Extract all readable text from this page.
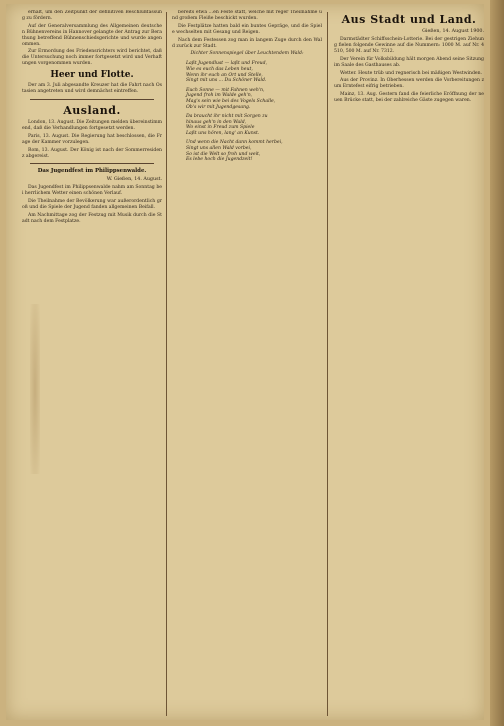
erhält, um den Zeitpunkt der definitiven Beschlußfassung zu fördern.

Auf der Generalversammlung des Allgemeinen deutschen Bühnenvereins in Hannover gelangte der Antrag zur Berathung betreffend Bühnenschiedsgerichte und wurde angenommen.

Zur Ermordung des Friedensrichters wird berichtet, daß die Untersuchung noch immer fortgesetzt wird und Verhaftungen vorgenommen wurden.

Heer und Flotte.

Der am 3. Juli abgesandte Kreuzer hat die Fahrt nach Ostasien angetreten und wird demnächst eintreffen.

Ausland.

London, 13. August. Die Zeitungen melden übereinstimmend, daß die Verhandlungen fortgesetzt werden.

Paris, 13. August. Die Regierung hat beschlossen, die Frage der Kammer vorzulegen.

Rom, 13. August. Der König ist nach der Sommerresidenz abgereist.

Das Jugendfest im Philippsenwalde.
W. Gießen, 14. August.

Das Jugendfest im Philippsenwalde nahm am Sonntag bei herrlichem Wetter einen schönen Verlauf.

Die Theilnahme der Bevölkerung war außerordentlich groß und die Spiele der Jugend fanden allgemeinen Beifall.

Am Nachmittage zog der Festzug mit Musik durch die Stadt nach dem Festplatze.

bereits etwa ...en Feste statt, welche mit reger Theilnahme und großem Fleiße beschickt wurden.

Die Festplätze hatten bald ein buntes Gepräge, und die Spiele wechselten mit Gesang und Reigen.

Nach dem Festessen zog man in langem Zuge durch den Wald zurück zur Stadt.

Dichter Sonnenspiegel über Leuchtendem Wald:

Laßt Jugendlust — laßt und Freud,
Wie es euch das Leben heut,
Wenn ihr euch an Ort und Stelle,
Singt mit uns ... Du Schöner Wald.
Euch Sonne — mit Fahnen weh'n,
Jugend froh im Walde geh'n,
Mag's sein wie bei des Vogels Schalle,
Ob's wir mit Jugendgesang.
Da braucht ihr nicht mit Sorgen zu
hinaus geh'n in den Wald,
Wo einst in Freud zum Spiele
Laßt uns hören, lang' an Kunst.
Und wenn die Nacht dann kommt herbei,
Singt uns allen Wald vorbei,
So ist die Welt so froh und weit,
Es lebe hoch die Jugendzeit!
Aus Stadt und Land.
Gießen, 14. August 1900.

Darmstädter Schiffsschein-Lotterie. Bei der gestrigen Ziehung fielen folgende Gewinne auf die Nummern: 1000 M. auf Nr. 4510, 500 M. auf Nr. 7312.

Der Verein für Volksbildung hält morgen Abend seine Sitzung im Saale des Gasthauses ab.

Wetter. Heute trüb und regnerisch bei mäßigen Westwinden.

Aus der Provinz. In Oberhessen werden die Vorbereitungen zum Erntefest eifrig betrieben.

Mainz, 13. Aug. Gestern fand die feierliche Eröffnung der neuen Brücke statt, bei der zahlreiche Gäste zugegen waren.
